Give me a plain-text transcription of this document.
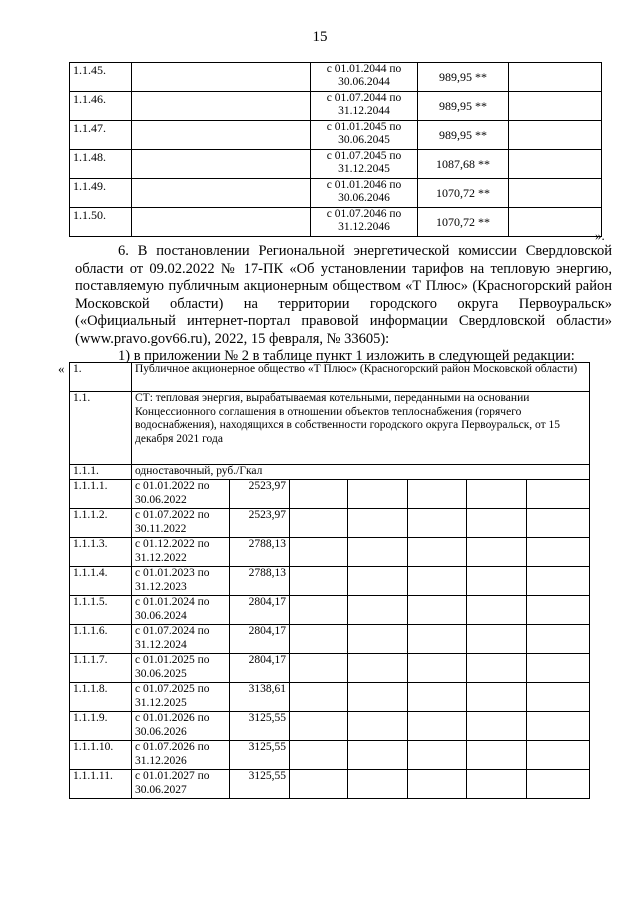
15
1.1.45.		с 01.01.2044 по 30.06.2044	989,95 **	
1.1.46.		с 01.07.2044 по 31.12.2044	989,95 **	
1.1.47.		с 01.01.2045 по 30.06.2045	989,95 **	
1.1.48.		с 01.07.2045 по 31.12.2045	1087,68 **	
1.1.49.		с 01.01.2046 по 30.06.2046	1070,72 **	
1.1.50.		с 01.07.2046 по 31.12.2046	1070,72 **	
».

6. В постановлении Региональной энергетической комиссии Свердловской области от 09.02.2022 № 17-ПК «Об установлении тарифов на тепловую энергию, поставляемую публичным акционерным обществом «Т Плюс» (Красногорский район Московской области) на территории городского округа Первоуральск» («Официальный интернет-портал правовой информации Свердловской области» (www.pravo.gov66.ru), 2022, 15 февраля, № 33605):

1) в приложении № 2 в таблице пункт 1 изложить в следующей редакции:
« 1.	Публичное акционерное общество «Т Плюс» (Красногорский район Московской области)						
1.1.	СТ: тепловая энергия, вырабатываемая котельными, переданными на основании Концессионного соглашения в отношении объектов теплоснабжения (горячего водоснабжения), находящихся в собственности городского округа Первоуральск, от 15 декабря 2021 года						
1.1.1.	одноставочный, руб./Гкал						
1.1.1.1.	с 01.01.2022 по 30.06.2022	2523,97					
1.1.1.2.	с 01.07.2022 по 30.11.2022	2523,97					
1.1.1.3.	с 01.12.2022 по 31.12.2022	2788,13					
1.1.1.4.	с 01.01.2023 по 31.12.2023	2788,13					
1.1.1.5.	с 01.01.2024 по 30.06.2024	2804,17					
1.1.1.6.	с 01.07.2024 по 31.12.2024	2804,17					
1.1.1.7.	с 01.01.2025 по 30.06.2025	2804,17					
1.1.1.8.	с 01.07.2025 по 31.12.2025	3138,61					
1.1.1.9.	с 01.01.2026 по 30.06.2026	3125,55					
1.1.1.10.	с 01.07.2026 по 31.12.2026	3125,55					
1.1.1.11.	с 01.01.2027 по 30.06.2027	3125,55					
